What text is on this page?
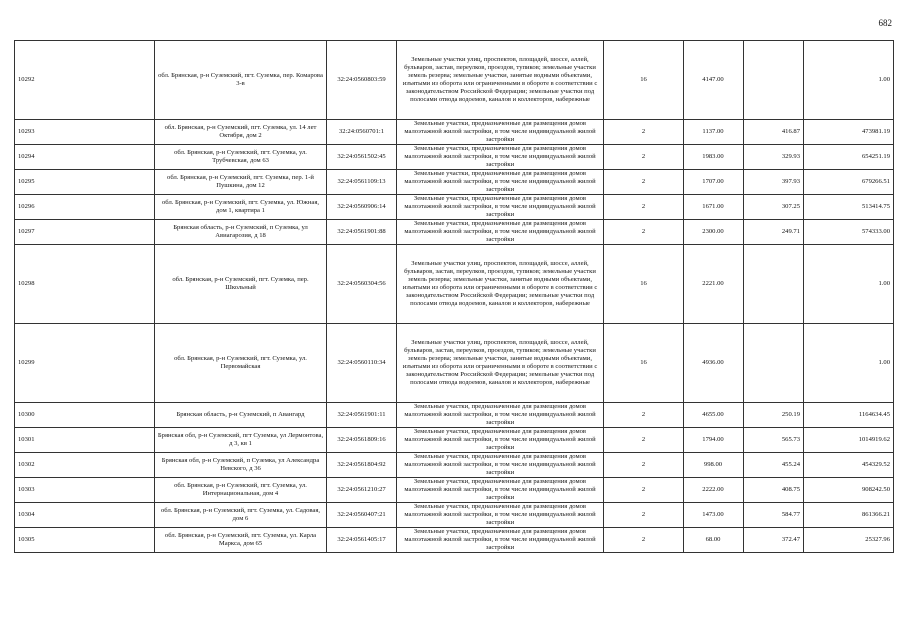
682
10292	обл. Брянская, р-н Суземский, пгт. Суземка, пер. Комарова 3-в	32:24:0560803:59	Земельные участки улиц, проспектов, площадей, шоссе, аллей, бульваров, застав, переулков, проездов, тупиков; земельные участки земель резерва; земельные участки, занятые водными объектами, изъятыми из оборота или ограниченными в обороте в соответствии с законодательством Российской Федерации; земельные участки под полосами отвода водоемов, каналов и коллекторов, набережные	16	4147.00		1.00
10293	обл. Брянская, р-н Суземский, пгт. Суземка, ул. 14 лет Октября, дом 2	32:24:0560701:1	Земельные участки, предназначенные для размещения домов малоэтажной жилой застройки, в том числе индивидуальной жилой застройки	2	1137.00	416.87	473981.19
10294	обл. Брянская, р-н Суземский, пгт. Суземка, ул. Трубчевская, дом 63	32:24:0561502:45	Земельные участки, предназначенные для размещения домов малоэтажной жилой застройки, в том числе индивидуальной жилой застройки	2	1983.00	329.93	654251.19
10295	обл. Брянская, р-н Суземский, пгт. Суземка, пер. 1-й Пушкина, дом 12	32:24:0561109:13	Земельные участки, предназначенные для размещения домов малоэтажной жилой застройки, в том числе индивидуальной жилой застройки	2	1707.00	397.93	679266.51
10296	обл. Брянская, р-н Суземский, пгт. Суземка, ул. Южная, дом 1, квартира 1	32:24:0560906:14	Земельные участки, предназначенные для размещения домов малоэтажной жилой застройки, в том числе индивидуальной жилой застройки	2	1671.00	307.25	513414.75
10297	Брянская область, р-н Суземский, п Суземка, ул Авиагарозия, д 18	32:24:0561901:88	Земельные участки, предназначенные для размещения домов малоэтажной жилой застройки, в том числе индивидуальной жилой застройки	2	2300.00	249.71	574333.00
10298	обл. Брянская, р-н Суземский, пгт. Суземка, пер. Школьный	32:24:0560304:56	Земельные участки улиц, проспектов, площадей, шоссе, аллей, бульваров, застав, переулков, проездов, тупиков; земельные участки земель резерва; земельные участки, занятые водными объектами, изъятыми из оборота или ограниченными в обороте в соответствии с законодательством Российской Федерации; земельные участки под полосами отвода водоемов, каналов и коллекторов, набережные	16	2221.00		1.00
10299	обл. Брянская, р-н Суземский, пгт. Суземка, ул. Первомайская	32:24:0560110:34	Земельные участки улиц, проспектов, площадей, шоссе, аллей, бульваров, застав, переулков, проездов, тупиков; земельные участки земель резерва; земельные участки, занятые водными объектами, изъятыми из оборота или ограниченными в обороте в соответствии с законодательством Российской Федерации; земельные участки под полосами отвода водоемов, каналов и коллекторов, набережные	16	4936.00		1.00
10300	Брянская область, р-н Суземский, п Авангард	32:24:0561901:11	Земельные участки, предназначенные для размещения домов малоэтажной жилой застройки, в том числе индивидуальной жилой застройки	2	4655.00	250.19	1164634.45
10301	Брянская обл, р-н Суземский, пгт Суземка, ул Лермонтова, д 3, кв 1	32:24:0561809:16	Земельные участки, предназначенные для размещения домов малоэтажной жилой застройки, в том числе индивидуальной жилой застройки	2	1794.00	565.73	1014919.62
10302	Брянская обл, р-н Суземский, п Суземка, ул Александра Невского, д 36	32:24:0561804:92	Земельные участки, предназначенные для размещения домов малоэтажной жилой застройки, в том числе индивидуальной жилой застройки	2	998.00	455.24	454329.52
10303	обл. Брянская, р-н Суземский, пгт. Суземка, ул. Интернациональная, дом 4	32:24:0561210:27	Земельные участки, предназначенные для размещения домов малоэтажной жилой застройки, в том числе индивидуальной жилой застройки	2	2222.00	408.75	908242.50
10304	обл. Брянская, р-н Суземский, пгт. Суземка, ул. Садовая, дом 6	32:24:0560407:21	Земельные участки, предназначенные для размещения домов малоэтажной жилой застройки, в том числе индивидуальной жилой застройки	2	1473.00	584.77	861366.21
10305	обл. Брянская, р-н Суземский, пгт. Суземка, ул. Карла Маркса, дом 65	32:24:0561405:17	Земельные участки, предназначенные для размещения домов малоэтажной жилой застройки, в том числе индивидуальной жилой застройки	2	68.00	372.47	25327.96
